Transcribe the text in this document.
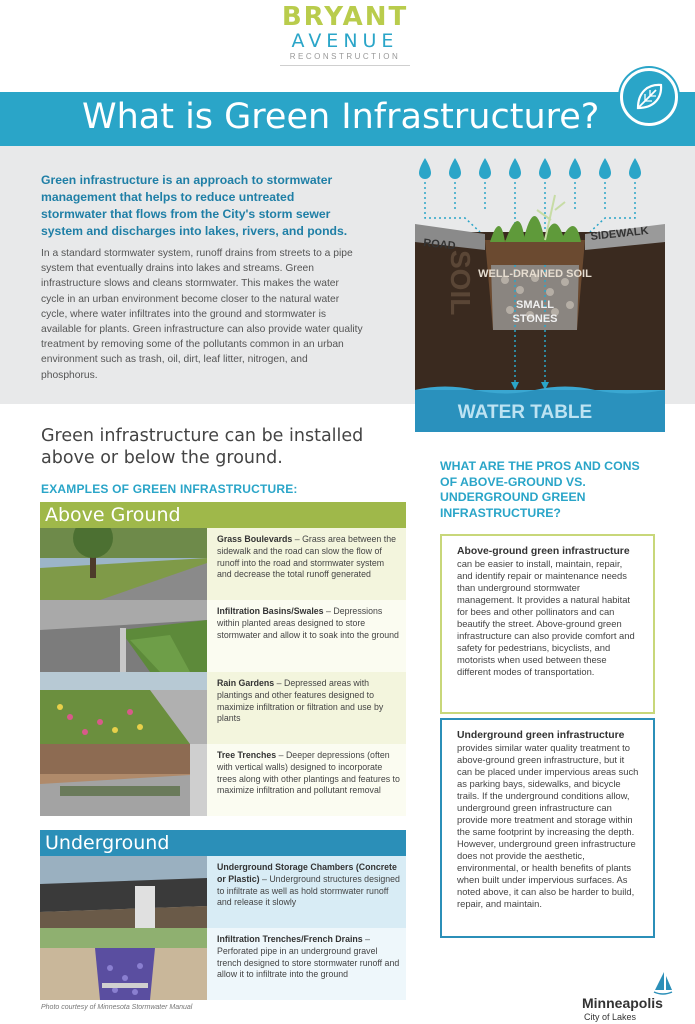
BRYANT
AVENUE
RECONSTRUCTION
What is Green Infrastructure?
Green infrastructure is an approach to stormwater management that helps to reduce untreated stormwater that flows from the City's storm sewer system and discharges into lakes, rivers, and ponds.
In a standard stormwater system, runoff drains from streets to a pipe system that eventually drains into lakes and streams. Green infrastructure slows and cleans stormwater. This makes the water cycle in an urban environment become closer to the natural water cycle, where water infiltrates into the ground and stormwater is available for plants. Green infrastructure can also provide water quality treatment by removing some of the pollutants common in an urban environment such as trash, oil, dirt, leaf litter, nitrogen, and phosphorus.
ROAD
SIDEWALK
SOIL WELL-DRAINED SOIL
SMALL
STONES
WATER TABLE
Green infrastructure can be installed above or below the ground.
EXAMPLES OF GREEN INFRASTRUCTURE:
Above Ground
Grass Boulevards – Grass area between the sidewalk and the road can slow the flow of runoff into the road and stormwater system and decrease the total runoff generated
Infiltration Basins/Swales – Depressions within planted areas designed to store stormwater and allow it to soak into the ground
Rain Gardens – Depressed areas with plantings and other features designed to maximize infiltration or filtration and use by plants
Tree Trenches – Deeper depressions (often with vertical walls) designed to incorporate trees along with other plantings and features to maximize infiltration and pollutant removal
Underground
Underground Storage Chambers (Concrete or Plastic) – Underground structures designed to infiltrate as well as hold stormwater runoff and release it slowly
Infiltration Trenches/French Drains – Perforated pipe in an underground gravel trench designed to store stormwater runoff and allow it to infiltrate into the ground
Photo courtesy of Minnesota Stormwater Manual
WHAT ARE THE PROS AND CONS OF ABOVE-GROUND VS. UNDERGROUND GREEN INFRASTRUCTURE?
Above-ground green infrastructure can be easier to install, maintain, repair, and identify repair or maintenance needs than underground stormwater management. It provides a natural habitat for bees and other pollinators and can beautify the street. Above-ground green infrastructure can also provide comfort and safety for pedestrians, bicyclists, and motorists when used between these different modes of transportation.
Underground green infrastructure
provides similar water quality treatment to above-ground green infrastructure, but it can be placed under impervious areas such as parking bays, sidewalks, and bicycle trails. If the underground conditions allow, underground green infrastructure can provide more treatment and storage within the same footprint by increasing the depth. However, underground green infrastructure does not provide the aesthetic, environmental, or health benefits of plants when built under impervious surfaces. As noted above, it can also be harder to build, repair, and maintain.
Minneapolis
City of Lakes
